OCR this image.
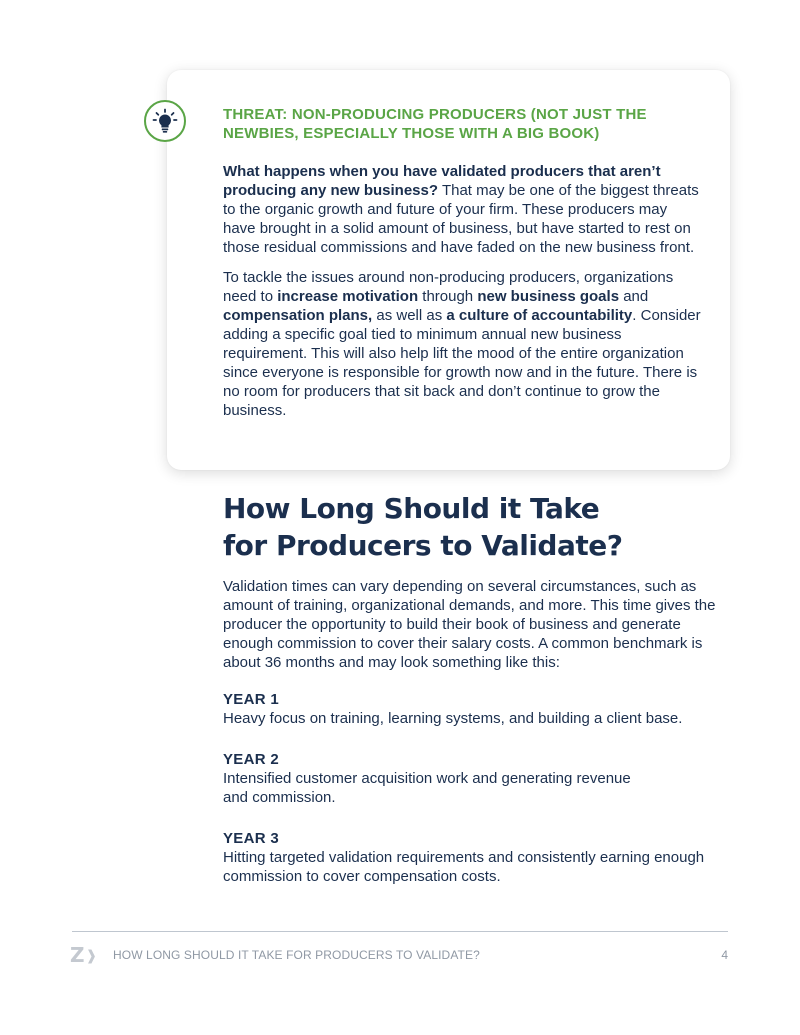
THREAT: NON-PRODUCING PRODUCERS (NOT JUST THE NEWBIES, ESPECIALLY THOSE WITH A BIG BOOK)

What happens when you have validated producers that aren’t producing any new business? That may be one of the biggest threats to the organic growth and future of your firm. These producers may have brought in a solid amount of business, but have started to rest on those residual commissions and have faded on the new business front.

To tackle the issues around non-producing producers, organizations need to increase motivation through new business goals and compensation plans, as well as a culture of accountability. Consider adding a specific goal tied to minimum annual new business requirement. This will also help lift the mood of the entire organization since everyone is responsible for growth now and in the future. There is no room for producers that sit back and don’t continue to grow the business.

How Long Should it Take
for Producers to Validate?

Validation times can vary depending on several circumstances, such as amount of training, organizational demands, and more. This time gives the producer the opportunity to build their book of business and generate enough commission to cover their salary costs. A common benchmark is about 36 months and may look something like this:

YEAR 1
Heavy focus on training, learning systems, and building a client base.
YEAR 2
Intensified customer acquisition work and generating revenue and commission.
YEAR 3
Hitting targeted validation requirements and consistently earning enough commission to cover compensation costs.
Z❱ HOW LONG SHOULD IT TAKE FOR PRODUCERS TO VALIDATE?	4
